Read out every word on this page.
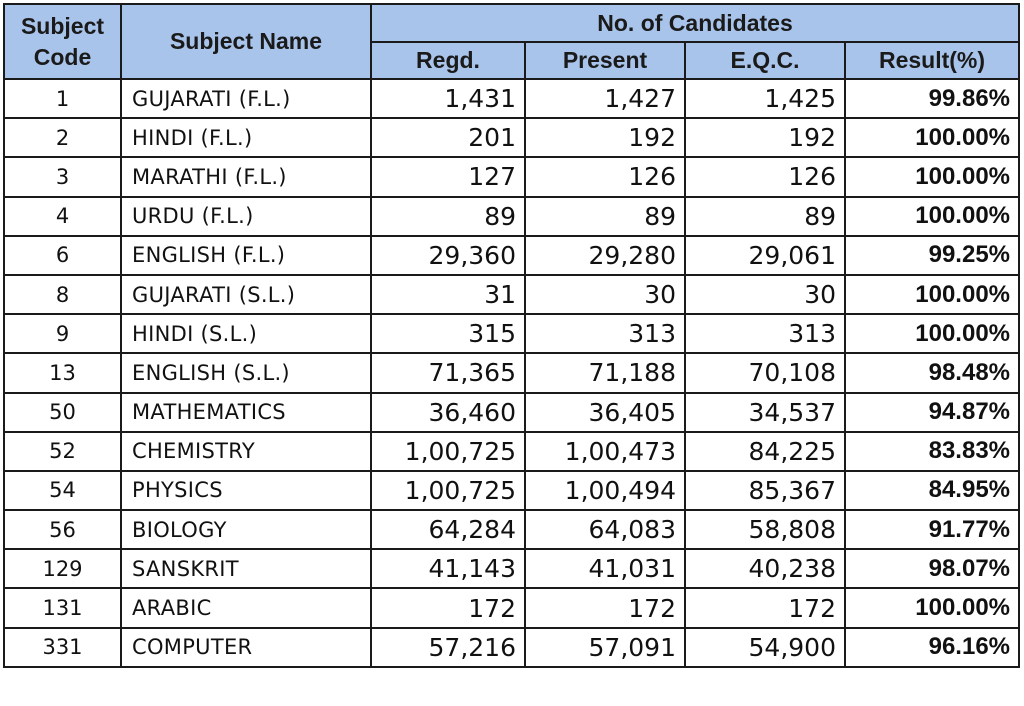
Subject Code	Subject Name	No. of Candidates			
		Regd.	Present	E.Q.C.	Result(%)
1	GUJARATI (F.L.)	1,431	1,427	1,425	99.86%
2	HINDI (F.L.)	201	192	192	100.00%
3	MARATHI (F.L.)	127	126	126	100.00%
4	URDU (F.L.)	89	89	89	100.00%
6	ENGLISH (F.L.)	29,360	29,280	29,061	99.25%
8	GUJARATI (S.L.)	31	30	30	100.00%
9	HINDI (S.L.)	315	313	313	100.00%
13	ENGLISH (S.L.)	71,365	71,188	70,108	98.48%
50	MATHEMATICS	36,460	36,405	34,537	94.87%
52	CHEMISTRY	1,00,725	1,00,473	84,225	83.83%
54	PHYSICS	1,00,725	1,00,494	85,367	84.95%
56	BIOLOGY	64,284	64,083	58,808	91.77%
129	SANSKRIT	41,143	41,031	40,238	98.07%
131	ARABIC	172	172	172	100.00%
331	COMPUTER	57,216	57,091	54,900	96.16%
